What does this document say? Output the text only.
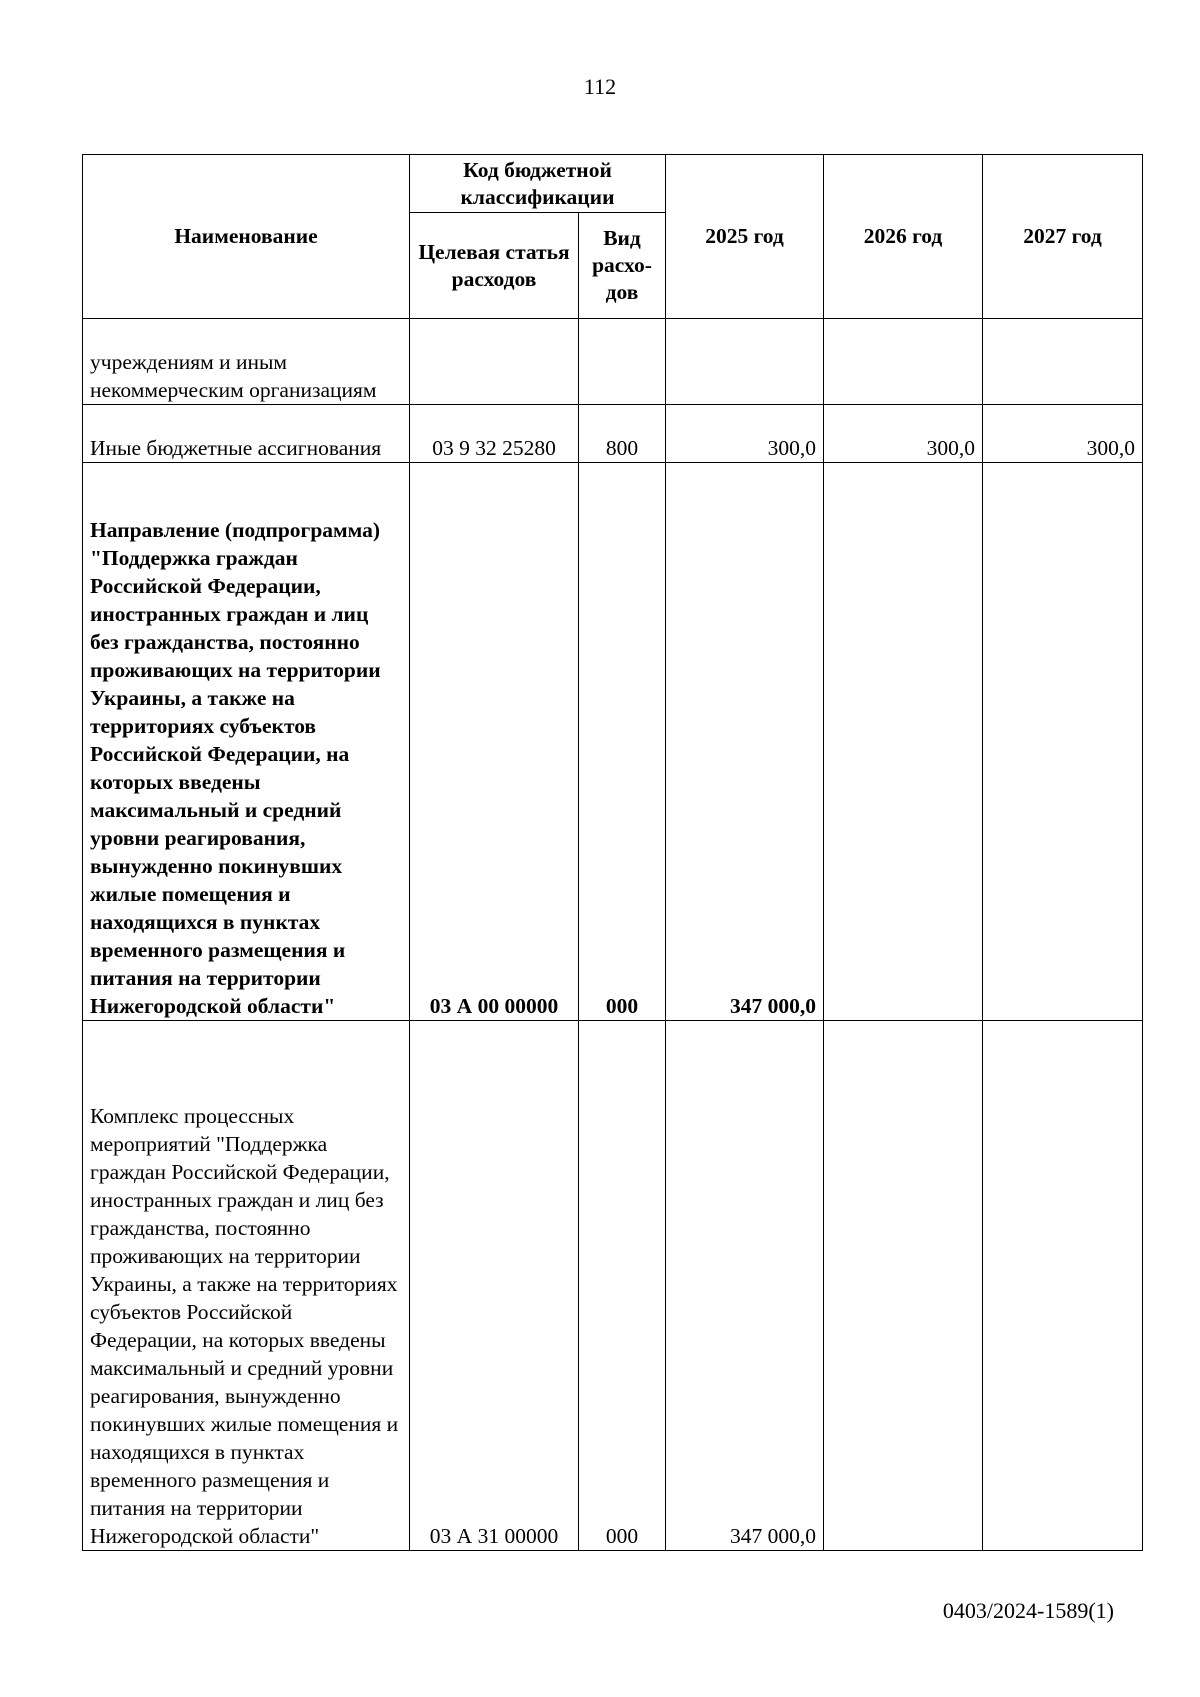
112
Наименование	Код бюджетной классификации		2025 год	2026 год	2027 год
	Целевая статья расходов	Вид расхо-дов			
учреждениям и иным некоммерческим организациям					
Иные бюджетные ассигнования	03 9 32 25280	800	300,0	300,0	300,0
Направление (подпрограмма) "Поддержка граждан Российской Федерации, иностранных граждан и лиц без гражданства, постоянно проживающих на территории Украины, а также на территориях субъектов Российской Федерации, на которых введены максимальный и средний уровни реагирования, вынужденно покинувших жилые помещения и находящихся в пунктах временного размещения и питания на территории Нижегородской области"	03 А 00 00000	000	347 000,0		
Комплекс процессных мероприятий "Поддержка граждан Российской Федерации, иностранных граждан и лиц без гражданства, постоянно проживающих на территории Украины, а также на территориях субъектов Российской Федерации, на которых введены максимальный и средний уровни реагирования, вынужденно покинувших жилые помещения и находящихся в пунктах временного размещения и питания на территории Нижегородской области"	03 А 31 00000	000	347 000,0		
0403/2024-1589(1)
